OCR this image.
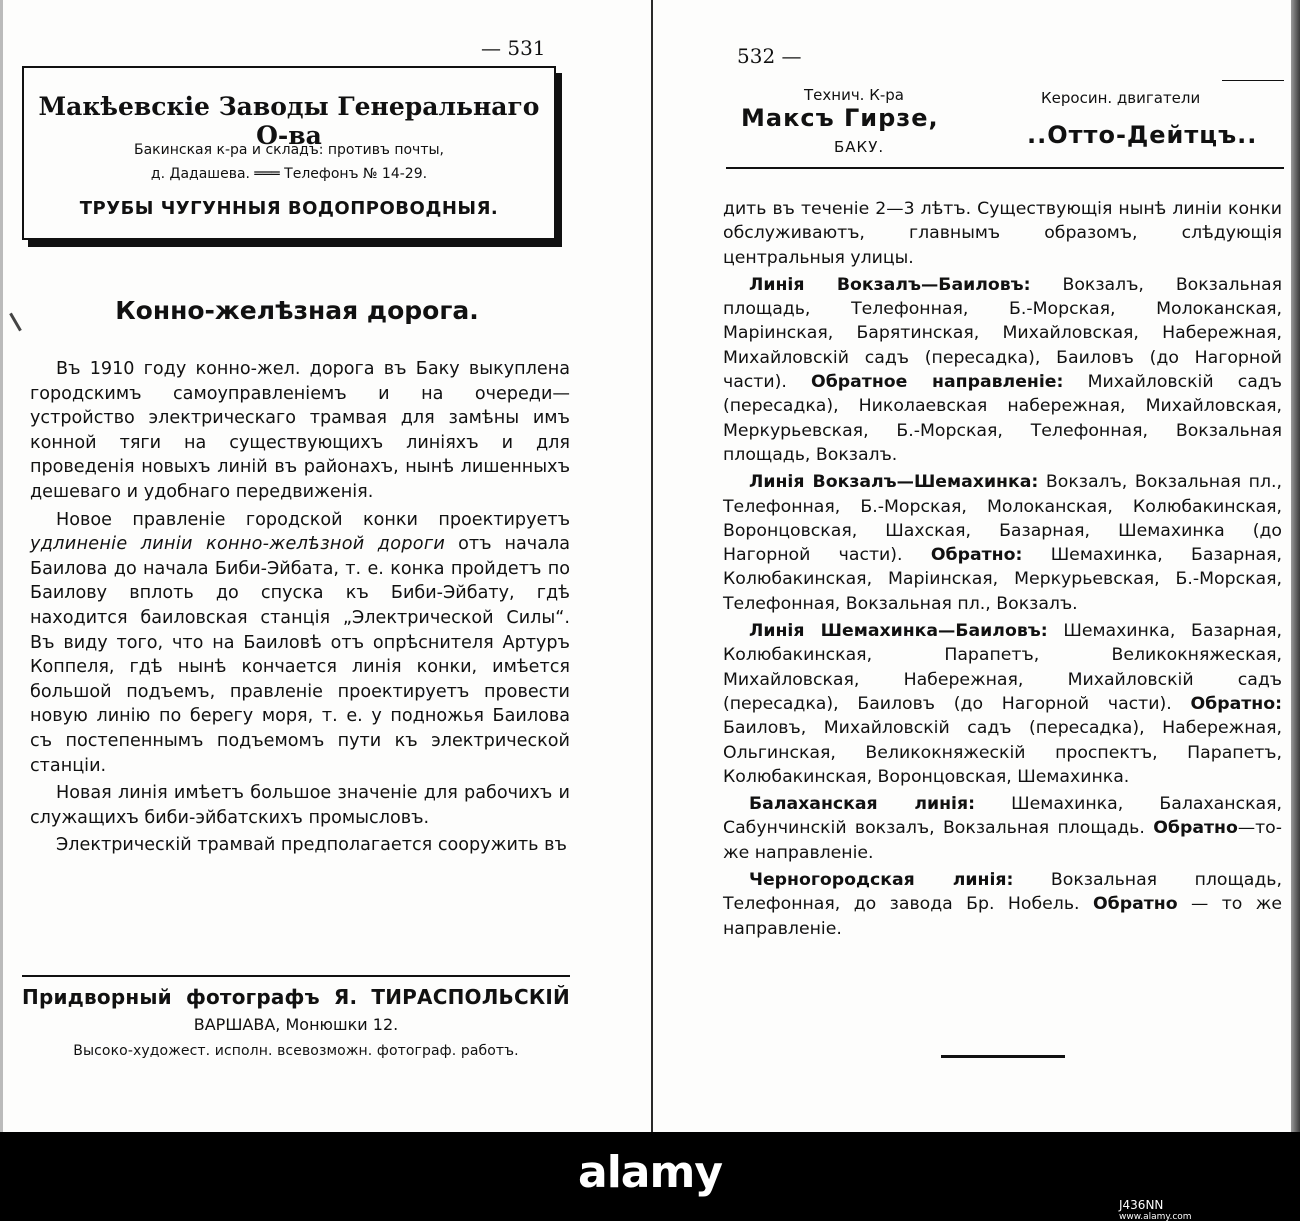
— 531
Макѣевскіе Заводы Генеральнаго О-ва
Бакинская к-ра и складъ: противъ почты,
д. Дадашева. ═══ Телефонъ № 14-29.
ТРУБЫ ЧУГУННЫЯ ВОДОПРОВОДНЫЯ.
Конно-желѣзная дорога.

Въ 1910 году конно-жел. дорога въ Баку выкуплена городскимъ самоуправленіемъ и на очереди—устройство электрическаго трамвая для замѣны имъ конной тяги на существующихъ линіяхъ и для проведенія новыхъ линій въ районахъ, нынѣ лишенныхъ дешеваго и удобнаго передвиженія.

Новое правленіе городской конки проектируетъ удлиненіе линіи конно-желѣзной дороги отъ начала Баилова до начала Биби-Эйбата, т. е. конка пройдетъ по Баилову вплоть до спуска къ Биби-Эйбату, гдѣ находится баиловская станція „Электрической Силы“. Въ виду того, что на Баиловѣ отъ опрѣснителя Артуръ Коппеля, гдѣ нынѣ кончается линія конки, имѣется большой подъемъ, правленіе проектируетъ провести новую линію по берегу моря, т. е. у подножья Баилова съ постепеннымъ подъемомъ пути къ электрической станціи.

Новая линія имѣетъ большое значеніе для рабочихъ и служащихъ биби-эйбатскихъ промысловъ.

Электрическій трамвай предполагается сооружить въ

Придворный фотографъ Я. ТИРАСПОЛЬСКІЙ
ВАРШАВА, Монюшки 12.
Высоко-художест. исполн. всевозможн. фотограф. работъ.
532 —
Технич. К-ра
Максъ Гирзе,
БАКУ.
Керосин. двигатели
..Отто-Дейтцъ..

дить въ теченіе 2—3 лѣтъ. Существующія нынѣ линіи конки обслуживаютъ, главнымъ образомъ, слѣдующія центральныя улицы.

Линія Вокзалъ—Баиловъ: Вокзалъ, Вокзальная площадь, Телефонная, Б.-Морская, Молоканская, Маріинская, Барятинская, Михайловская, Набережная, Михайловскій садъ (пересадка), Баиловъ (до Нагорной части). Обратное направленіе: Михайловскій садъ (пересадка), Николаевская набережная, Михайловская, Меркурьевская, Б.-Морская, Телефонная, Вокзальная площадь, Вокзалъ.

Линія Вокзалъ—Шемахинка: Вокзалъ, Вокзальная пл., Телефонная, Б.-Морская, Молоканская, Колюбакинская, Воронцовская, Шахская, Базарная, Шемахинка (до Нагорной части). Обратно: Шемахинка, Базарная, Колюбакинская, Маріинская, Меркурьевская, Б.-Морская, Телефонная, Вокзальная пл., Вокзалъ.

Линія Шемахинка—Баиловъ: Шемахинка, Базарная, Колюбакинская, Парапетъ, Великокняжеская, Михайловская, Набережная, Михайловскій садъ (пересадка), Баиловъ (до Нагорной части). Обратно: Баиловъ, Михайловскій садъ (пересадка), Набережная, Ольгинская, Великокняжескій проспектъ, Парапетъ, Колюбакинская, Воронцовская, Шемахинка.

Балаханская линія: Шемахинка, Балаханская, Сабунчинскій вокзалъ, Вокзальная площадь. Обратно—то-же направленіе.

Черногородская линія: Вокзальная площадь, Телефонная, до завода Бр. Нобель. Обратно — то же направленіе.

alamy
J436NN
www.alamy.com
